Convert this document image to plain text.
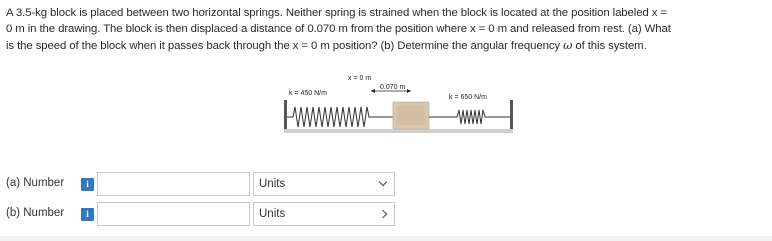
A 3.5-kg block is placed between two horizontal springs. Neither spring is strained when the block is located at the position labeled x =
0 m in the drawing. The block is then displaced a distance of 0.070 m from the position where x = 0 m and released from rest. (a) What
is the speed of the block when it passes back through the x = 0 m position? (b) Determine the angular frequency ω of this system.
x = 0 m
0.070 m
k = 450 N/m
k = 650 N/m
(a) Number	i	Units
(b) Number	i	Units
